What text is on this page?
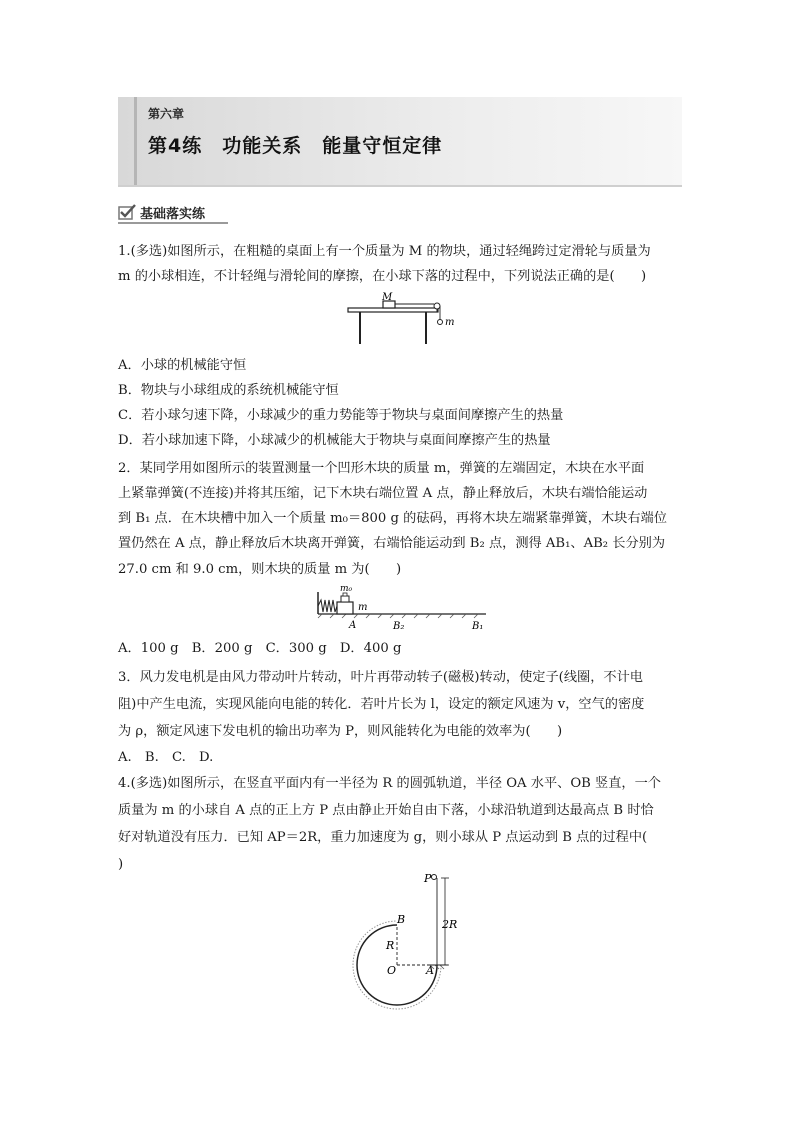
第六章
第4练　功能关系　能量守恒定律
基础落实练

1.(多选)如图所示，在粗糙的桌面上有一个质量为 M 的物块，通过轻绳跨过定滑轮与质量为

m 的小球相连，不计轻绳与滑轮间的摩擦，在小球下落的过程中，下列说法正确的是(　　)

M
m

A．小球的机械能守恒

B．物块与小球组成的系统机械能守恒

C．若小球匀速下降，小球减少的重力势能等于物块与桌面间摩擦产生的热量

D．若小球加速下降，小球减少的机械能大于物块与桌面间摩擦产生的热量

2．某同学用如图所示的装置测量一个凹形木块的质量 m，弹簧的左端固定，木块在水平面

上紧靠弹簧(不连接)并将其压缩，记下木块右端位置 A 点，静止释放后，木块右端恰能运动

到 B₁ 点．在木块槽中加入一个质量 m₀＝800 g 的砝码，再将木块左端紧靠弹簧，木块右端位

置仍然在 A 点，静止释放后木块离开弹簧，右端恰能运动到 B₂ 点，测得 AB₁、AB₂ 长分别为

27.0 cm 和 9.0 cm，则木块的质量 m 为(　　)

m₀
m
A	B₂	B₁

A．100 g　B．200 g　C．300 g　D．400 g

3．风力发电机是由风力带动叶片转动，叶片再带动转子(磁极)转动，使定子(线圈，不计电

阻)中产生电流，实现风能向电能的转化．若叶片长为 l，设定的额定风速为 v，空气的密度

为 ρ，额定风速下发电机的输出功率为 P，则风能转化为电能的效率为(　　)

A.　B.　C.　D.

4.(多选)如图所示，在竖直平面内有一半径为 R 的圆弧轨道，半径 OA 水平、OB 竖直，一个

质量为 m 的小球自 A 点的正上方 P 点由静止开始自由下落，小球沿轨道到达最高点 B 时恰

好对轨道没有压力．已知 AP＝2R，重力加速度为 g，则小球从 P 点运动到 B 点的过程中(

)

P
B	2R
R
O	A
